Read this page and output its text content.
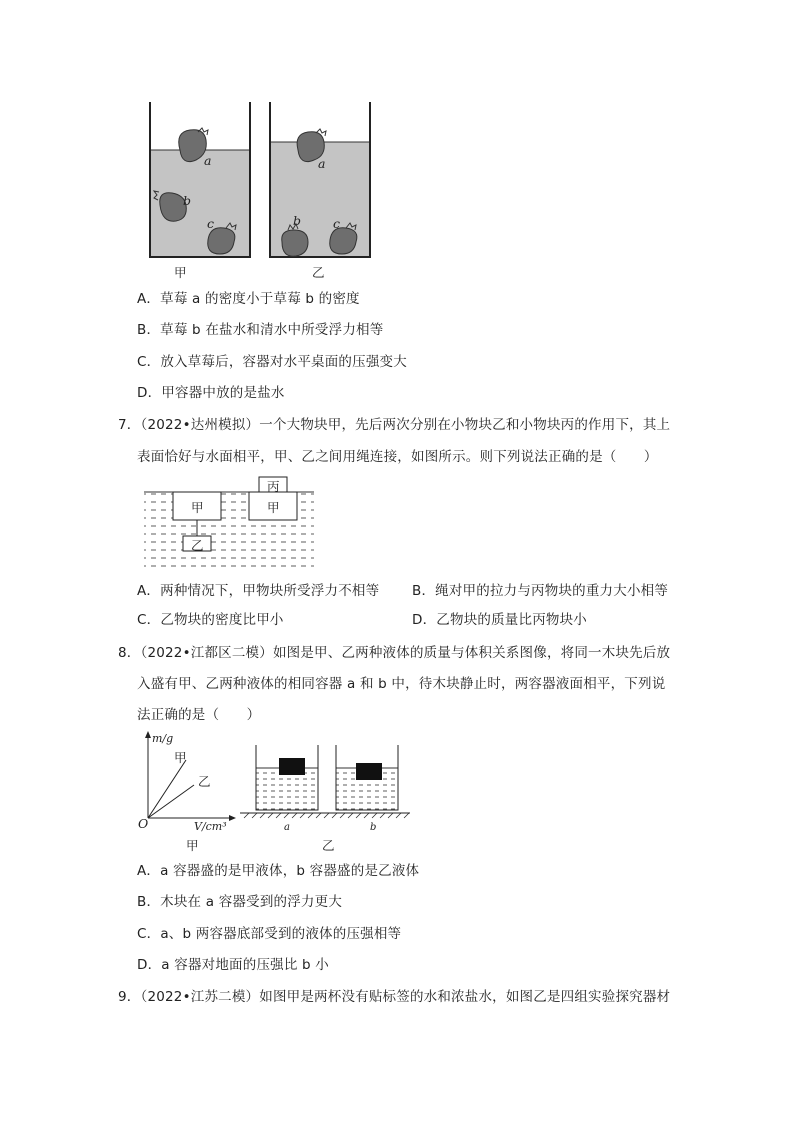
a
b
c
a
b	c
甲	乙
A．草莓 a 的密度小于草莓 b 的密度
B．草莓 b 在盐水和清水中所受浮力相等
C．放入草莓后，容器对水平桌面的压强变大
D．甲容器中放的是盐水
7．（2022•达州模拟）一个大物块甲，先后两次分别在小物块乙和小物块丙的作用下，其上
表面恰好与水面相平，甲、乙之间用绳连接，如图所示。则下列说法正确的是（　　）
甲
乙
甲
丙
A．两种情况下，甲物块所受浮力不相等 B．绳对甲的拉力与丙物块的重力大小相等
C．乙物块的密度比甲小	D．乙物块的质量比丙物块小
8．（2022•江都区二模）如图是甲、乙两种液体的质量与体积关系图像，将同一木块先后放
入盛有甲、乙两种液体的相同容器 a 和 b 中，待木块静止时，两容器液面相平，下列说
法正确的是（　　）
m/g
甲
乙
O	V/cm³
甲
a	b
乙
A．a 容器盛的是甲液体，b 容器盛的是乙液体
B．木块在 a 容器受到的浮力更大
C．a、b 两容器底部受到的液体的压强相等
D．a 容器对地面的压强比 b 小
9．（2022•江苏二模）如图甲是两杯没有贴标签的水和浓盐水，如图乙是四组实验探究器材
